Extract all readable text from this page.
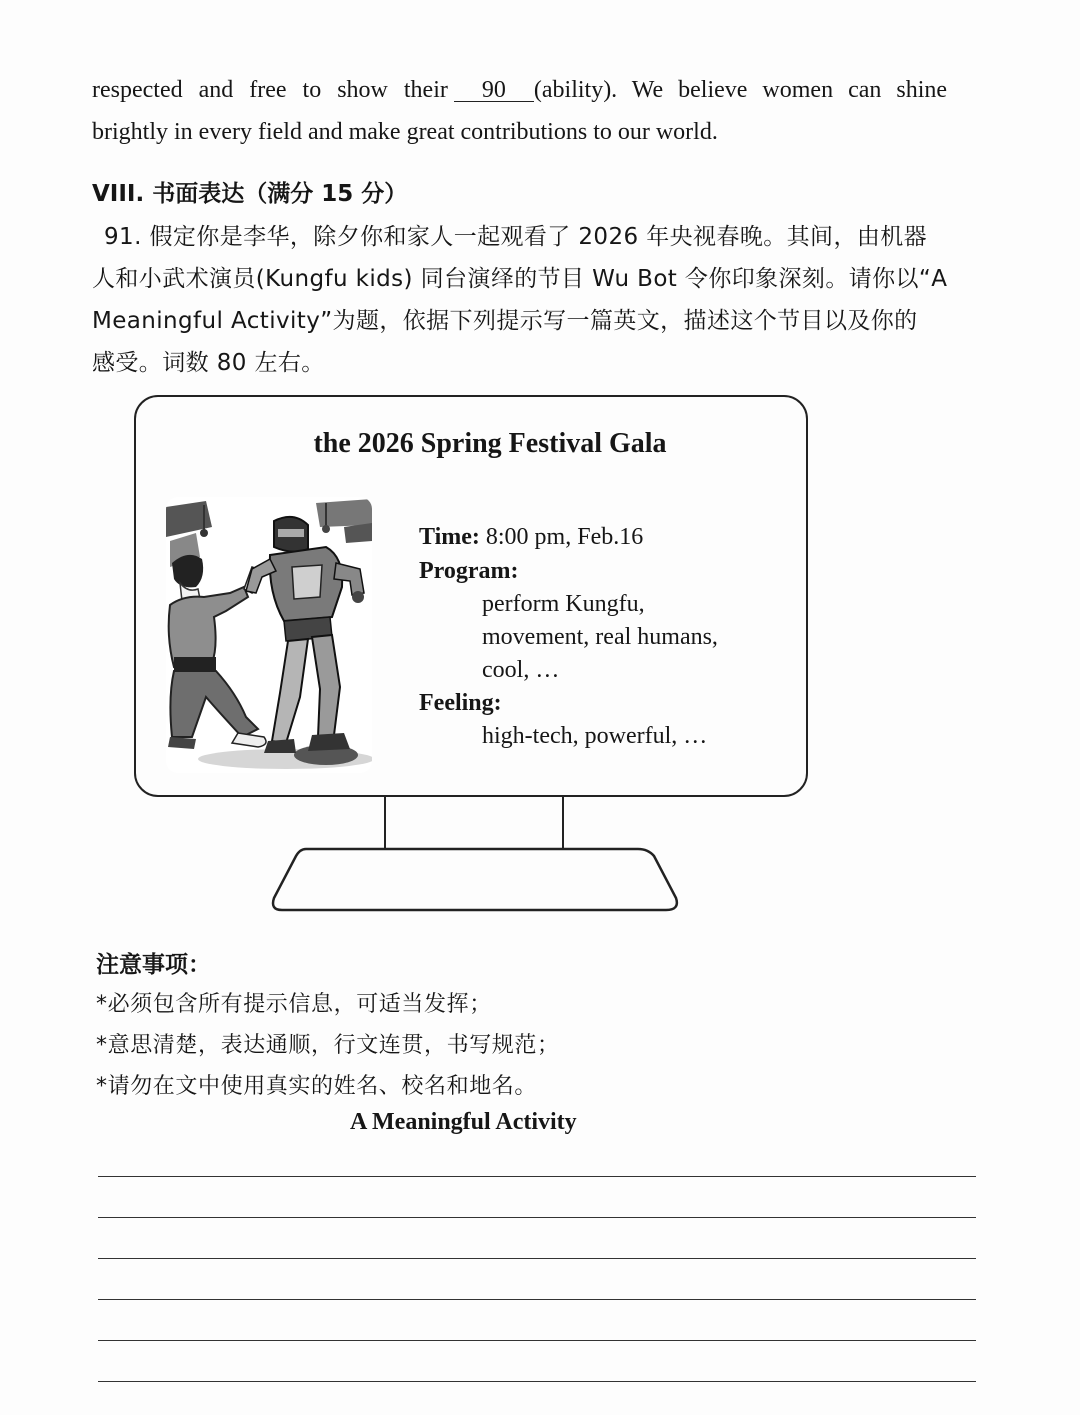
respected and free to show their 90 (ability). We believe women can shine
brightly in every field and make great contributions to our world.
VIII. 书面表达（满分 15 分）
91. 假定你是李华，除夕你和家人一起观看了 2026 年央视春晚。其间，由机器
人和小武术演员(Kungfu kids) 同台演绎的节目 Wu Bot 令你印象深刻。请你以“A
Meaningful Activity”为题，依据下列提示写一篇英文，描述这个节目以及你的
感受。词数 80 左右。
the 2026 Spring Festival Gala
Time: 8:00 pm, Feb.16
Program:
perform Kungfu,
movement, real humans,
cool, …
Feeling:
high-tech, powerful, …
注意事项：
*必须包含所有提示信息，可适当发挥；
*意思清楚，表达通顺，行文连贯，书写规范；
*请勿在文中使用真实的姓名、校名和地名。
A Meaningful Activity
